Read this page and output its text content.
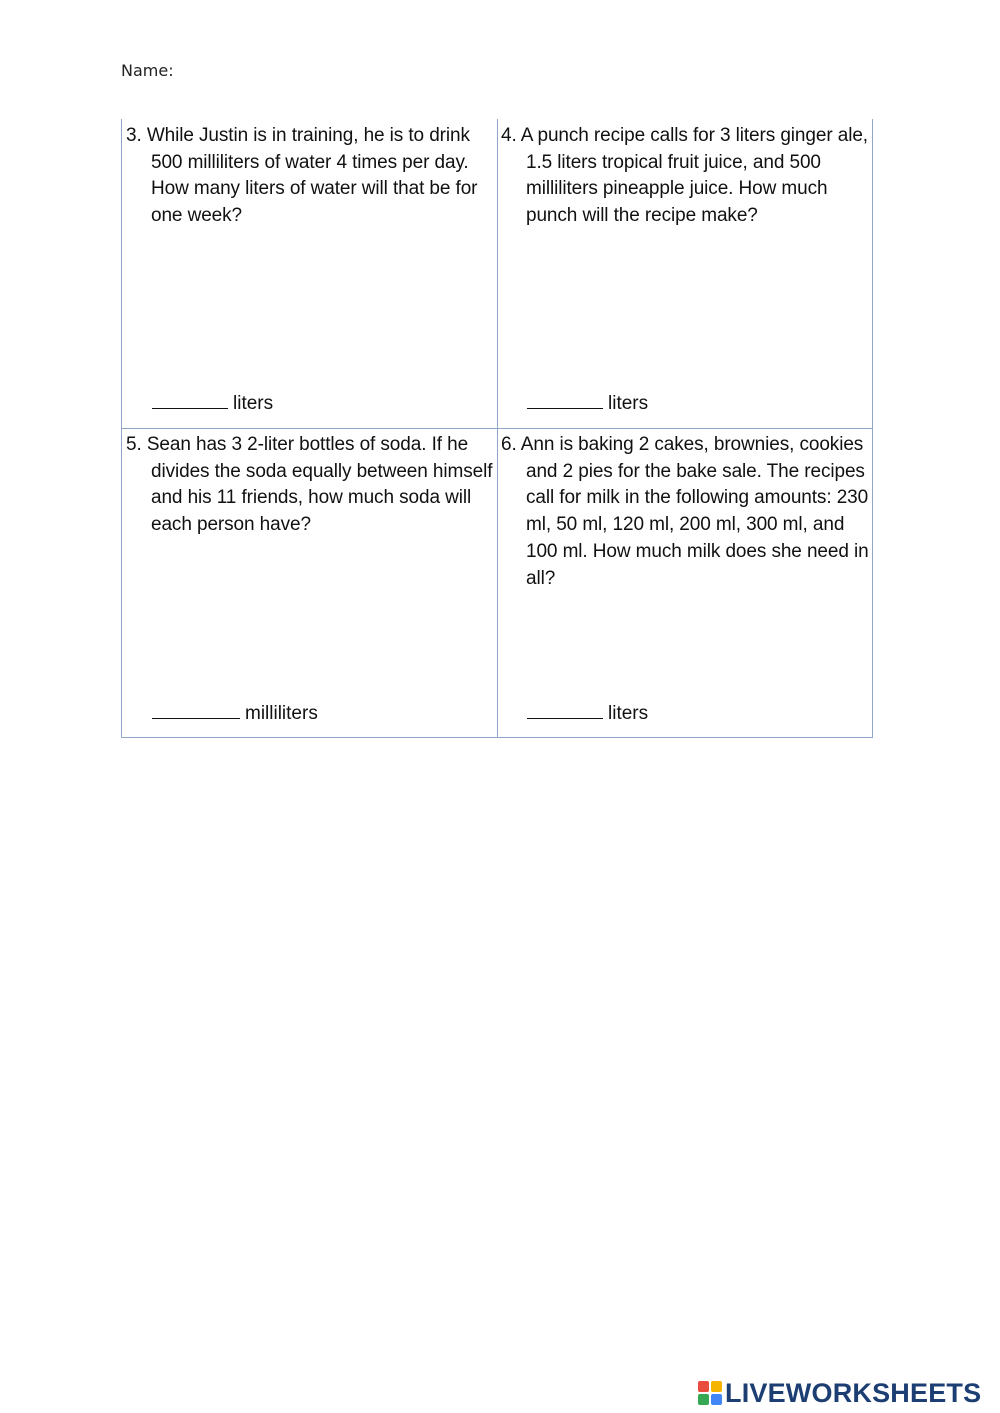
Name:

3. While Justin is in training, he is to drink 500 milliliters of water 4 times per day. How many liters of water will that be for one week?

liters

4. A punch recipe calls for 3 liters ginger ale, 1.5 liters tropical fruit juice, and 500 milliliters pineapple juice. How much punch will the recipe make?

liters

5. Sean has 3 2-liter bottles of soda. If he divides the soda equally between himself and his 11 friends, how much soda will each person have?

milliliters

6. Ann is baking 2 cakes, brownies, cookies and 2 pies for the bake sale. The recipes call for milk in the following amounts: 230 ml, 50 ml, 120 ml, 200 ml, 300 ml, and 100 ml. How much milk does she need in all?

liters
LIVEWORKSHEETS
